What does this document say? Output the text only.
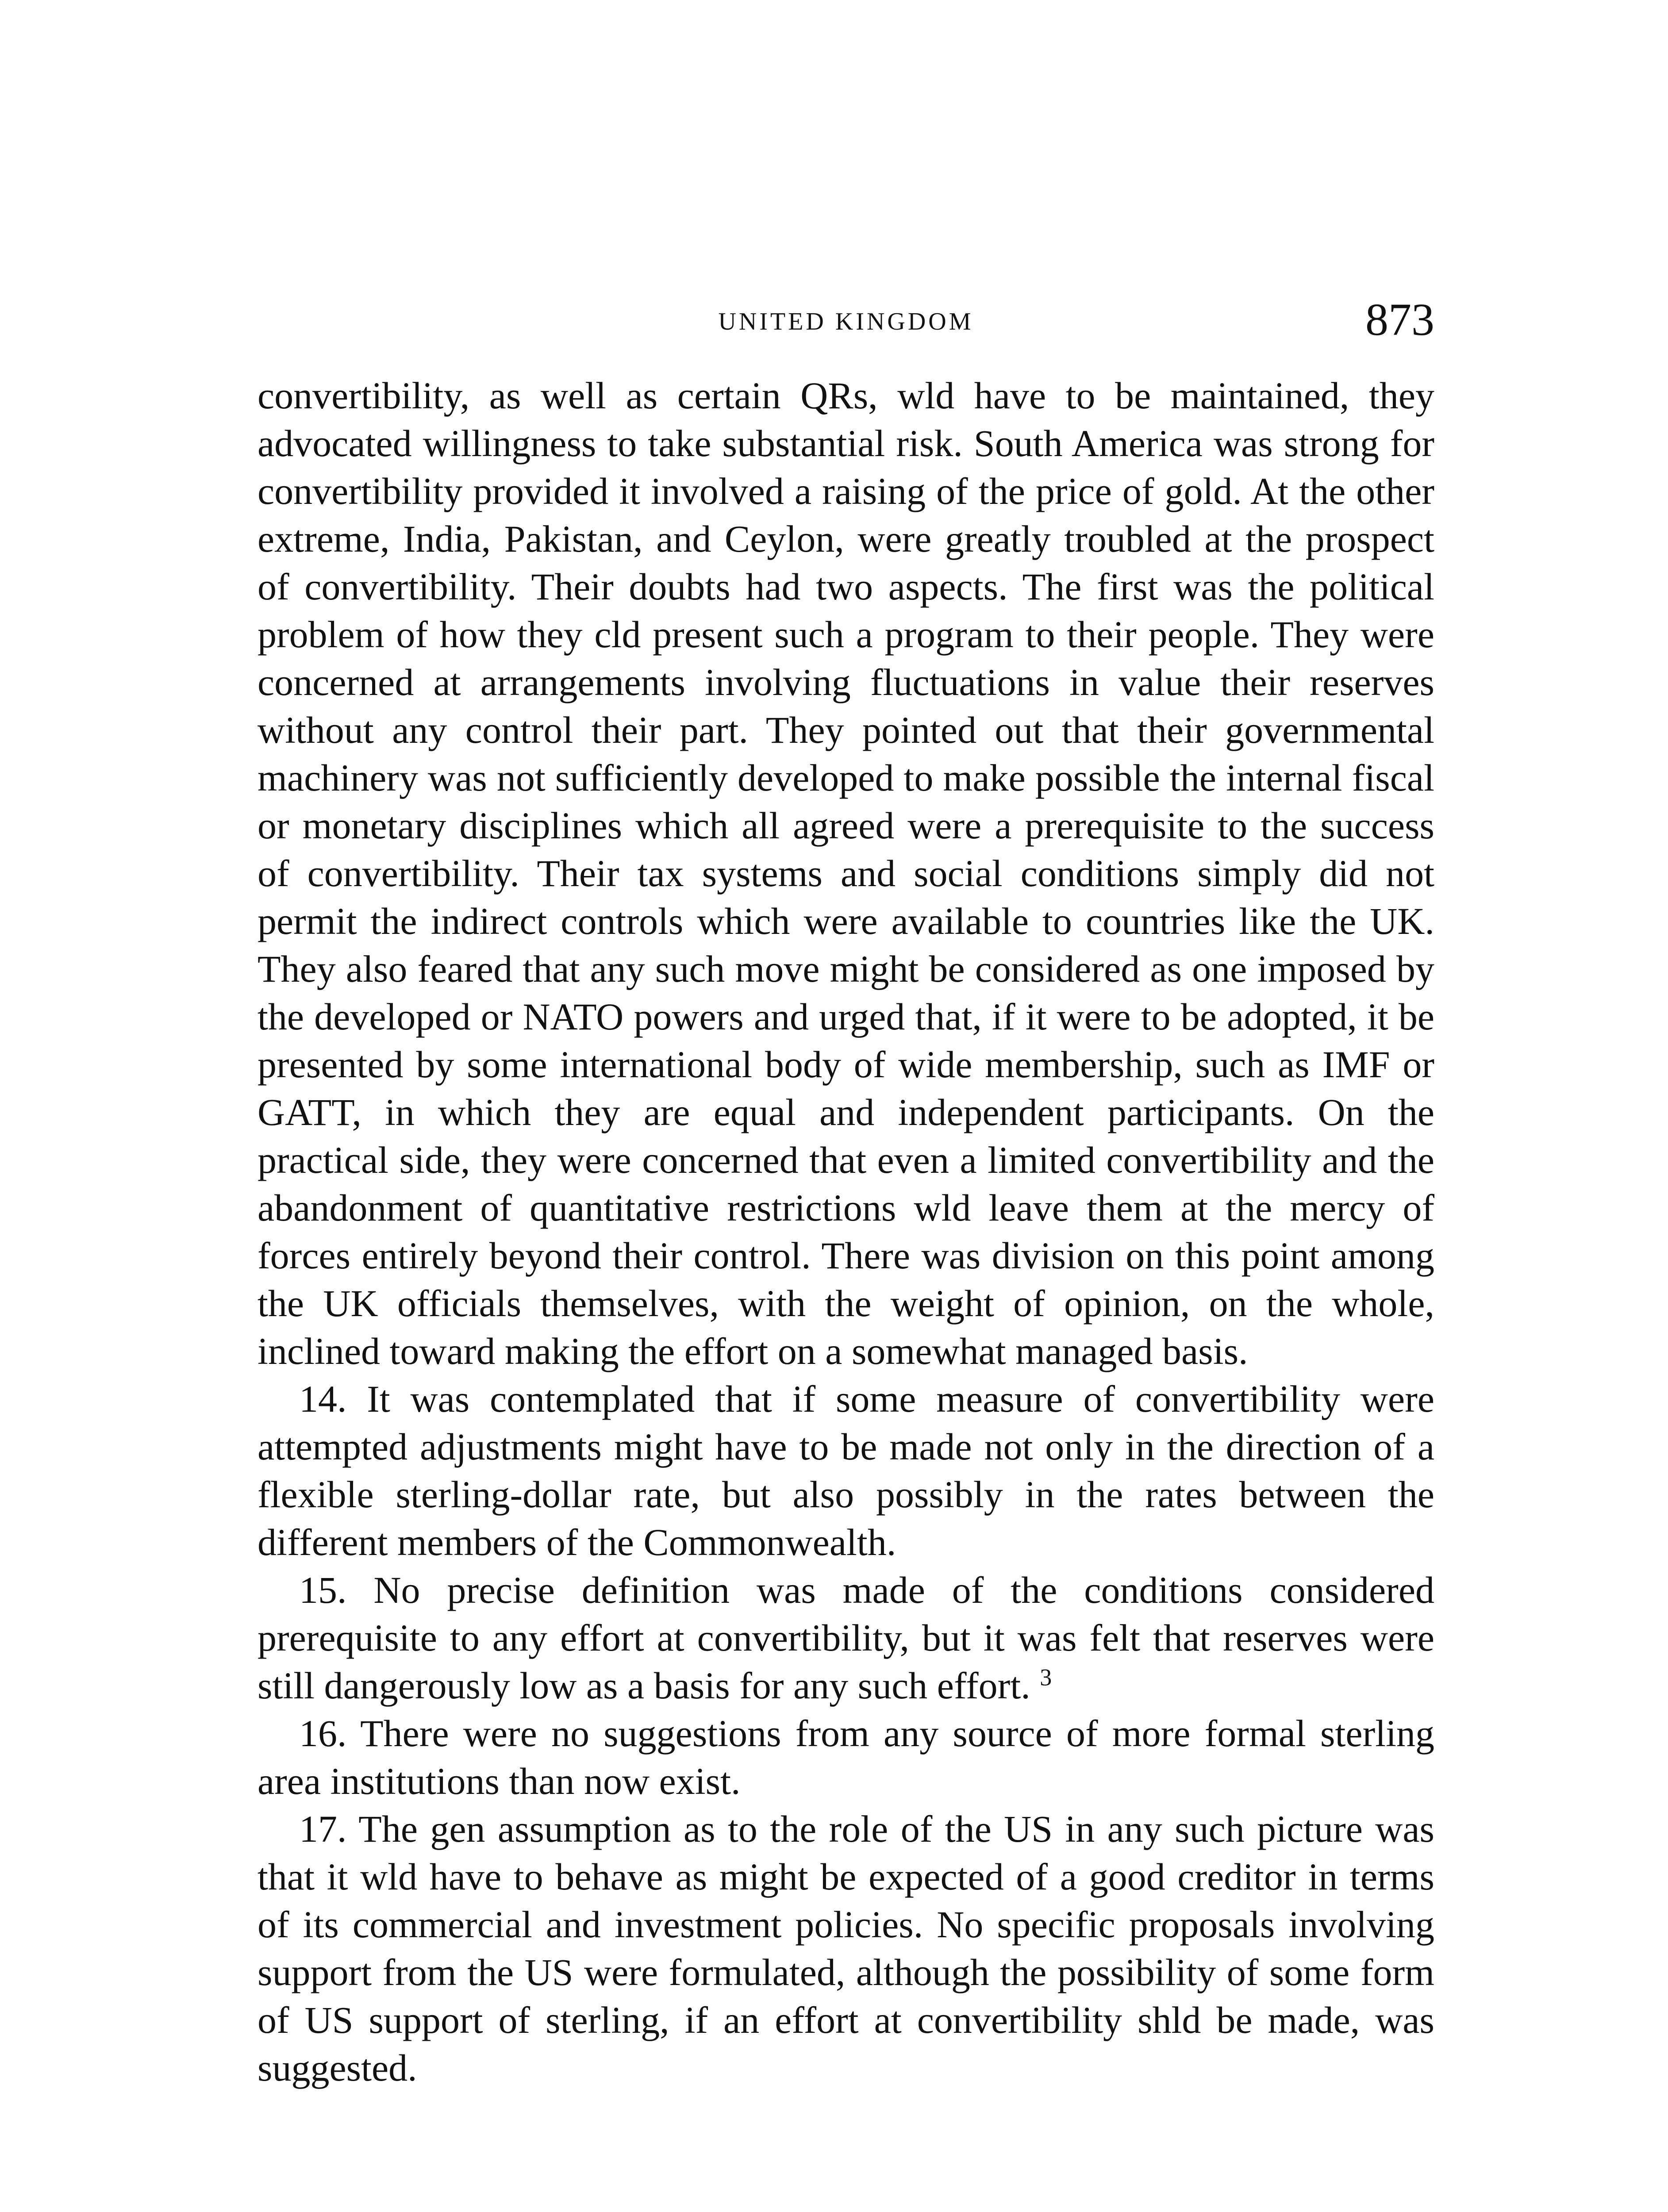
UNITED KINGDOM	873

convertibility, as well as certain QRs, wld have to be maintained, they advocated willingness to take substantial risk. South America was strong for convertibility provided it involved a raising of the price of gold. At the other extreme, India, Pakistan, and Ceylon, were greatly troubled at the prospect of convertibility. Their doubts had two aspects. The first was the political problem of how they cld present such a program to their people. They were concerned at arrangements involving fluctuations in value their reserves without any control their part. They pointed out that their governmental machinery was not sufficiently developed to make possible the internal fiscal or monetary disciplines which all agreed were a prerequisite to the success of convertibility. Their tax systems and social conditions simply did not permit the indirect controls which were available to countries like the UK. They also feared that any such move might be considered as one imposed by the developed or NATO powers and urged that, if it were to be adopted, it be presented by some international body of wide membership, such as IMF or GATT, in which they are equal and independent participants. On the practical side, they were concerned that even a limited convertibility and the abandonment of quantitative restrictions wld leave them at the mercy of forces entirely beyond their control. There was division on this point among the UK officials themselves, with the weight of opinion, on the whole, inclined toward making the effort on a somewhat managed basis.

14. It was contemplated that if some measure of convertibility were attempted adjustments might have to be made not only in the direction of a flexible sterling-dollar rate, but also possibly in the rates between the different members of the Commonwealth.

15. No precise definition was made of the conditions considered prerequisite to any effort at convertibility, but it was felt that reserves were still dangerously low as a basis for any such effort. $^3$

16. There were no suggestions from any source of more formal sterling area institutions than now exist.

17. The gen assumption as to the role of the US in any such picture was that it wld have to behave as might be expected of a good creditor in terms of its commercial and investment policies. No specific proposals involving support from the US were formulated, although the possibility of some form of US support of sterling, if an effort at convertibility shld be made, was suggested.
